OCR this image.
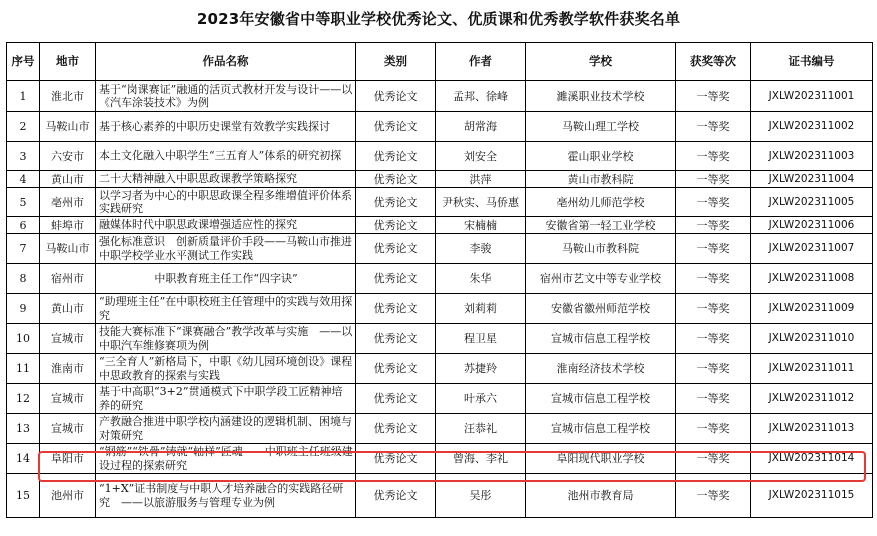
2023年安徽省中等职业学校优秀论文、优质课和优秀教学软件获奖名单
序号	地市	作品名称	类别	作者	学校	获奖等次	证书编号
1	淮北市	基于“岗课赛证”融通的活页式教材开发与设计——以《汽车涂装技术》为例	优秀论文	孟邦、徐峰	濉溪职业技术学校	一等奖	JXLW202311001
2	马鞍山市	基于核心素养的中职历史课堂有效教学实践探讨	优秀论文	胡常海	马鞍山理工学校	一等奖	JXLW202311002
3	六安市	本土文化融入中职学生“三五育人”体系的研究初探	优秀论文	刘安全	霍山职业学校	一等奖	JXLW202311003
4	黄山市	二十大精神融入中职思政课教学策略探究	优秀论文	洪萍	黄山市教科院	一等奖	JXLW202311004
5	亳州市	以学习者为中心的中职思政课全程多维增值评价体系实践研究	优秀论文	尹秋实、马侨惠	亳州幼儿师范学校	一等奖	JXLW202311005
6	蚌埠市	融媒体时代中职思政课增强适应性的探究	优秀论文	宋楠楠	安徽省第一轻工业学校	一等奖	JXLW202311006
7	马鞍山市	强化标准意识　创新质量评价手段——马鞍山市推进中职学校学业水平测试工作实践	优秀论文	李骏	马鞍山市教科院	一等奖	JXLW202311007
8	宿州市	中职教育班主任工作“四字诀”	优秀论文	朱华	宿州市艺文中等专业学校	一等奖	JXLW202311008
9	黄山市	“助理班主任”在中职校班主任管理中的实践与效用探究	优秀论文	刘莉莉	安徽省徽州师范学校	一等奖	JXLW202311009
10	宣城市	技能大赛标准下“课赛融合”教学改革与实施　——以中职汽车维修赛项为例	优秀论文	程卫星	宣城市信息工程学校	一等奖	JXLW202311010
11	淮南市	“三全育人”新格局下，中职《幼儿园环境创设》课程中思政教育的探索与实践	优秀论文	苏捷羚	淮南经济技术学校	一等奖	JXLW202311011
12	宣城市	基于中高职“3+2”贯通模式下中职学段工匠精神培养的研究	优秀论文	叶承六	宣城市信息工程学校	一等奖	JXLW202311012
13	宣城市	产教融合推进中职学校内涵建设的逻辑机制、困境与对策研究	优秀论文	汪恭礼	宣城市信息工程学校	一等奖	JXLW202311013
14	阜阳市	“钢筋”“铁骨”铸就“轴样”匠魂——中职班主任班级建设过程的探索研究	优秀论文	曾海、李礼	阜阳现代职业学校	一等奖	JXLW202311014
15	池州市	“1+X”证书制度与中职人才培养融合的实践路径研究　——以旅游服务与管理专业为例	优秀论文	吴彤	池州市教育局	一等奖	JXLW202311015
